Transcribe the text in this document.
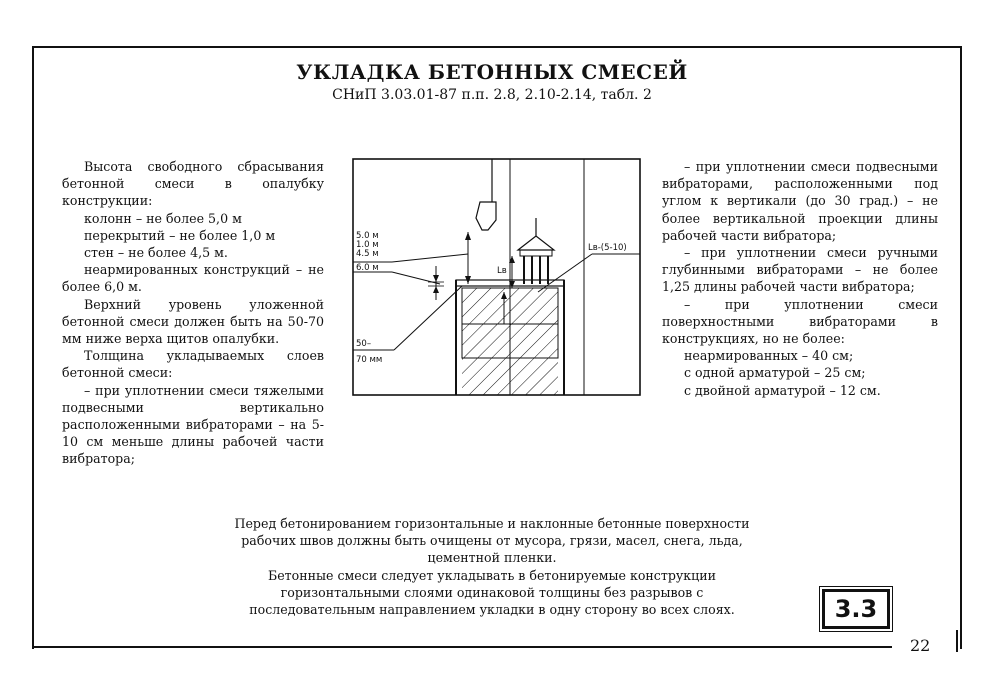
УКЛАДКА БЕТОННЫХ СМЕСЕЙ
СНиП 3.03.01-87 п.п. 2.8, 2.10-2.14, табл. 2

Высота свободного сбрасывания бетонной смеси в опалубку конструкции:

колонн – не более 5,0 м

перекрытий – не более 1,0 м

стен – не более 4,5 м.

неармированных конструкций – не более 6,0 м.

Верхний уровень уложенной бетонной смеси должен быть на 50-70 мм ниже верха щитов опалубки.

Толщина укладываемых слоев бетонной смеси:

– при уплотнении смеси тяжелыми подвесными вертикально расположенными вибраторами – на 5-10 см меньше длины рабочей части вибратора;

5.0 м
1.0 м
4.5 м
6.0 м	Lв
Lв-(5-10)
50–
70 мм

– при уплотнении смеси подвесными вибраторами, расположенными под углом к вертикали (до 30 град.) – не более вертикальной проекции длины рабочей части вибратора;

– при уплотнении смеси ручными глубинными вибраторами – не более 1,25 длины рабочей части вибратора;

– при уплотнении смеси поверхностными вибраторами в конструкциях, но не более:

неармированных – 40 см;

с одной арматурой – 25 см;

с двойной арматурой – 12 см.

Перед бетонированием горизонтальные и наклонные бетонные поверхности рабочих швов должны быть очищены от мусора, грязи, масел, снега, льда, цементной пленки.

Бетонные смеси следует укладывать в бетонируемые конструкции горизонтальными слоями одинаковой толщины без разрывов с последовательным направлением укладки в одну сторону во всех слоях.	3.3
22
